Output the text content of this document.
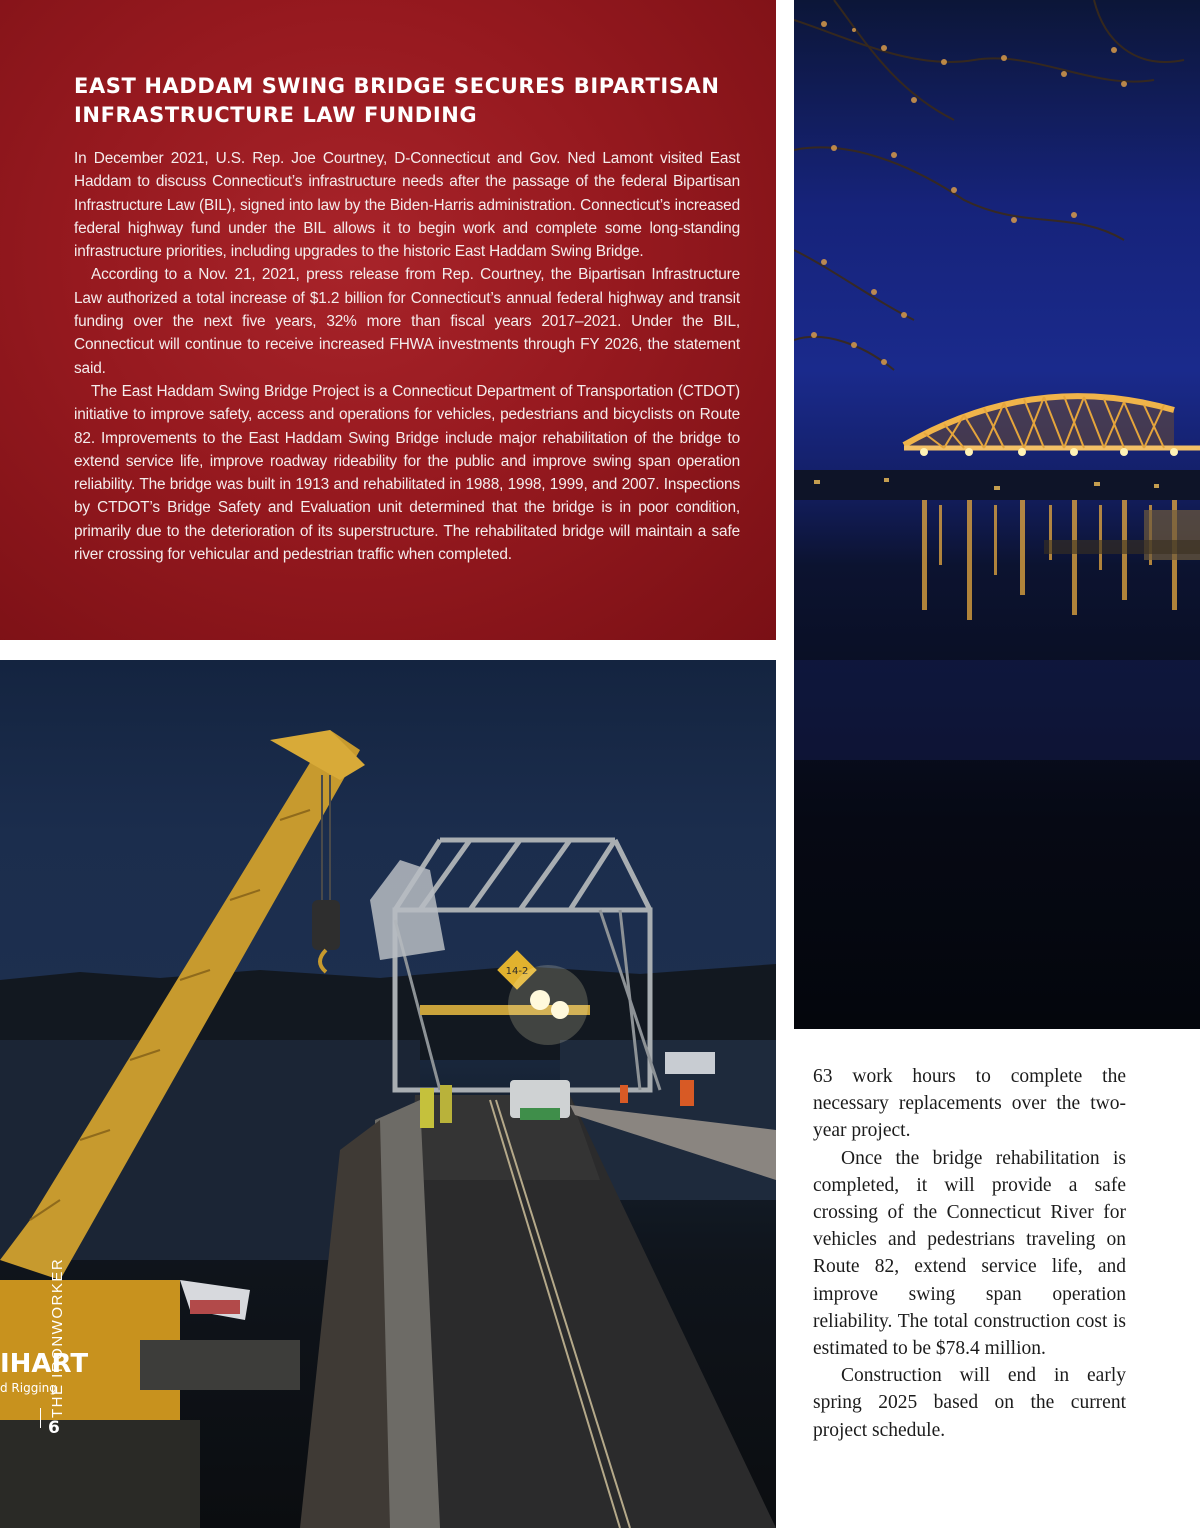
EAST HADDAM SWING BRIDGE SECURES BIPARTISAN INFRASTRUCTURE LAW FUNDING

In December 2021, U.S. Rep. Joe Courtney, D-Connecticut and Gov. Ned Lamont visited East Haddam to discuss Connecticut’s infrastructure needs after the passage of the federal Bipartisan Infrastructure Law (BIL), signed into law by the Biden-Harris administration. Connecticut’s increased federal highway fund under the BIL allows it to begin work and complete some long-standing infrastructure priorities, including upgrades to the historic East Haddam Swing Bridge.

According to a Nov. 21, 2021, press release from Rep. Courtney, the Bipartisan Infrastructure Law authorized a total increase of $1.2 billion for Connecticut’s annual federal highway and transit funding over the next five years, 32% more than fiscal years 2017–2021. Under the BIL, Connecticut will continue to receive increased FHWA investments through FY 2026, the statement said.

The East Haddam Swing Bridge Project is a Connecticut Department of Transportation (CTDOT) initiative to improve safety, access and operations for vehicles, pedestrians and bicyclists on Route 82. Improvements to the East Haddam Swing Bridge include major rehabilitation of the bridge to extend service life, improve roadway rideability for the public and improve swing span operation reliability. The bridge was built in 1913 and rehabilitated in 1988, 1998, 1999, and 2007. Inspections by CTDOT’s Bridge Safety and Evaluation unit determined that the bridge is in poor condition, primarily due to the deterioration of its superstructure. The rehabilitated bridge will maintain a safe river crossing for vehicular and pedestrian traffic when completed.

14-2
IHART
d Rigging

63 work hours to complete the necessary replacements over the two-year project.

Once the bridge rehabilitation is completed, it will provide a safe crossing of the Connecticut River for vehicles and pedestrians traveling on Route 82, extend service life, and improve swing span operation reliability. The total construction cost is estimated to be $78.4 million.

Construction will end in early spring 2025 based on the current project schedule.

THE IRONWORKER
6
